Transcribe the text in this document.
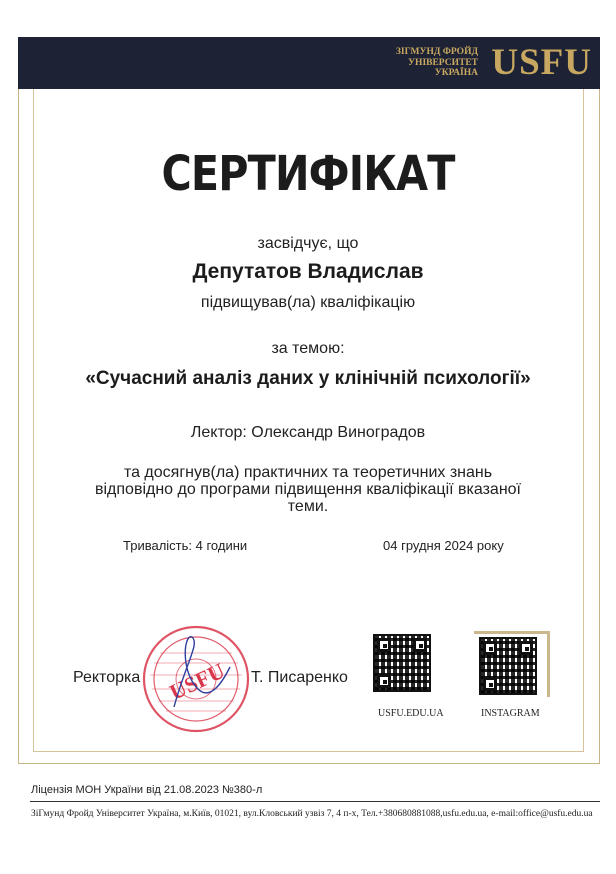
ЗІГМУНД ФРОЙД
УНІВЕРСИТЕТ
УКРАЇНА USFU
СЕРТИФІКАТ
засвідчує, що
Депутатов Владислав
підвищував(ла) кваліфікацію
за темою:
«Сучасний аналіз даних у клінічній психології»
Лектор: Олександр Виноградов
та досягнув(ла) практичних та теоретичних знань
відповідно до програми підвищення кваліфікації вказаної
теми.
Тривалість: 4 години	04 грудня 2024 року
Ректорка	Т. Писаренко
USFU
USFU.EDU.UA	INSTAGRAM
Ліцензія МОН України від 21.08.2023 №380-л
ЗіГмунд Фройд Університет Україна, м.Київ, 01021, вул.Кловський узвіз 7, 4 п-х, Тел.+380680881088,usfu.edu.ua, e-mail:office@usfu.edu.ua
